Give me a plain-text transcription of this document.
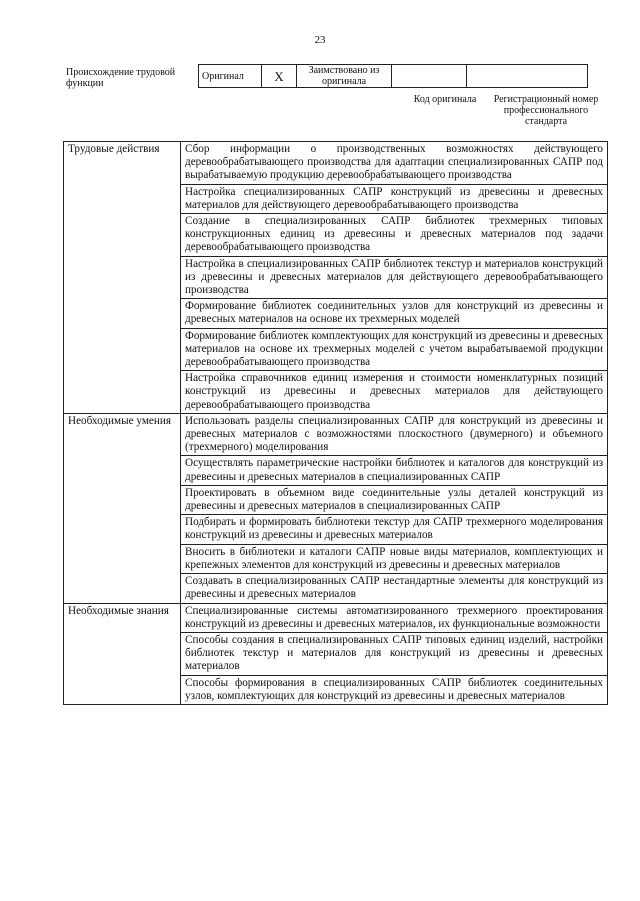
23
Происхождение трудовой функции
Оригинал	X	Заимствовано из оригинала		
Код оригинала	Регистрационный номер профессионального стандарта
Трудовые действия	Сбор информации о производственных возможностях действующего деревообрабатывающего производства для адаптации специализированных САПР под вырабатываемую продукцию деревообрабатывающего производства
	Настройка специализированных САПР конструкций из древесины и древесных материалов для действующего деревообрабатывающего производства
	Создание в специализированных САПР библиотек трехмерных типовых конструкционных единиц из древесины и древесных материалов под задачи деревообрабатывающего производства
	Настройка в специализированных САПР библиотек текстур и материалов конструкций из древесины и древесных материалов для действующего деревообрабатывающего производства
	Формирование библиотек соединительных узлов для конструкций из древесины и древесных материалов на основе их трехмерных моделей
	Формирование библиотек комплектующих для конструкций из древесины и древесных материалов на основе их трехмерных моделей с учетом вырабатываемой продукции деревообрабатывающего производства
	Настройка справочников единиц измерения и стоимости номенклатурных позиций конструкций из древесины и древесных материалов для действующего деревообрабатывающего производства
Необходимые умения	Использовать разделы специализированных САПР для конструкций из древесины и древесных материалов с возможностями плоскостного (двумерного) и объемного (трехмерного) моделирования
	Осуществлять параметрические настройки библиотек и каталогов для конструкций из древесины и древесных материалов в специализированных САПР
	Проектировать в объемном виде соединительные узлы деталей конструкций из древесины и древесных материалов в специализированных САПР
	Подбирать и формировать библиотеки текстур для САПР трехмерного моделирования конструкций из древесины и древесных материалов
	Вносить в библиотеки и каталоги САПР новые виды материалов, комплектующих и крепежных элементов для конструкций из древесины и древесных материалов
	Создавать в специализированных САПР нестандартные элементы для конструкций из древесины и древесных материалов
Необходимые знания	Специализированные системы автоматизированного трехмерного проектирования конструкций из древесины и древесных материалов, их функциональные возможности
	Способы создания в специализированных САПР типовых единиц изделий, настройки библиотек текстур и материалов для конструкций из древесины и древесных материалов
	Способы формирования в специализированных САПР библиотек соединительных узлов, комплектующих для конструкций из древесины и древесных материалов
